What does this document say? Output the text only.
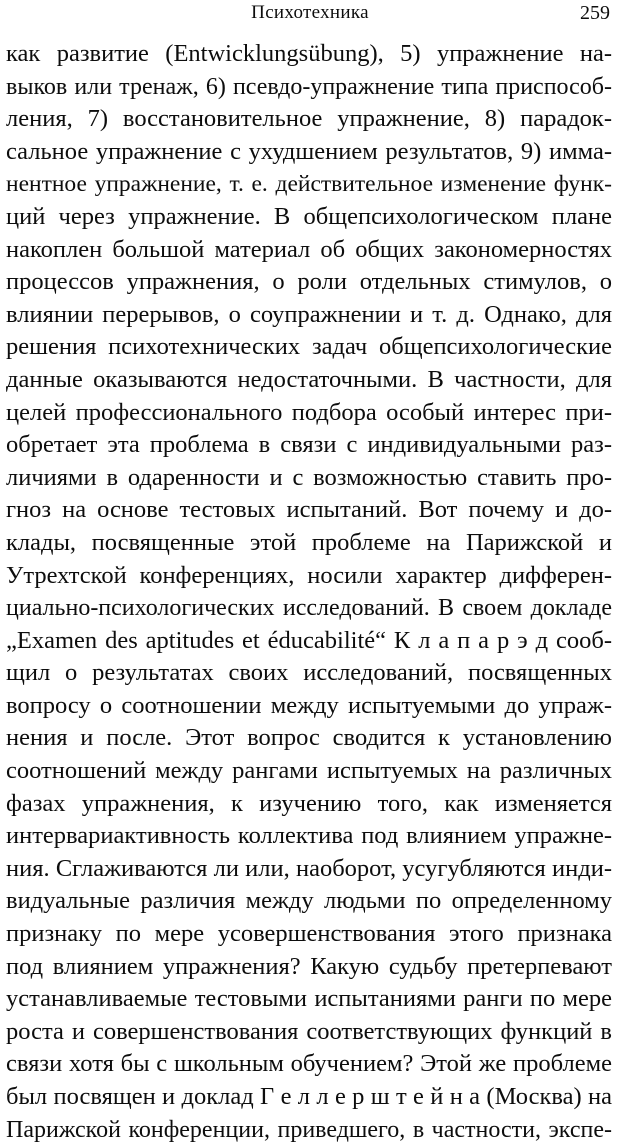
Психотехника	259
как развитие (Entwicklungsübung), 5) упражнение на-
выков или тренаж, 6) псевдо-упражнение типа приспособ-
ления, 7) восстановительное упражнение, 8) парадок-
сальное упражнение с ухудшением результатов, 9) имма-
нентное упражнение, т. е. действительное изменение функ-
ций через упражнение. В общепсихологическом плане
накоплен большой материал об общих закономерностях
процессов упражнения, о роли отдельных стимулов, о
влиянии перерывов, о соупражнении и т. д. Однако, для
решения психотехнических задач общепсихологические
данные оказываются недостаточными. В частности, для
целей профессионального подбора особый интерес при-
обретает эта проблема в связи с индивидуальными раз-
личиями в одаренности и с возможностью ставить про-
гноз на основе тестовых испытаний. Вот почему и до-
клады, посвященные этой проблеме на Парижской и
Утрехтской конференциях, носили характер дифферен-
циально-психологических исследований. В своем докладе
„Examen des aptitudes et éducabilité“ К л а п а р э д сооб-
щил о результатах своих исследований, посвященных
вопросу о соотношении между испытуемыми до упраж-
нения и после. Этот вопрос сводится к установлению
соотношений между рангами испытуемых на различных
фазах упражнения, к изучению того, как изменяется
интервариактивность коллектива под влиянием упражне-
ния. Сглаживаются ли или, наоборот, усугубляются инди-
видуальные различия между людьми по определенному
признаку по мере усовершенствования этого признака
под влиянием упражнения? Какую судьбу претерпевают
устанавливаемые тестовыми испытаниями ранги по мере
роста и совершенствования соответствующих функций в
связи хотя бы с школьным обучением? Этой же проблеме
был посвящен и доклад Г е л л е р ш т е й н а (Москва) на
Парижской конференции, приведшего, в частности, экспе-
